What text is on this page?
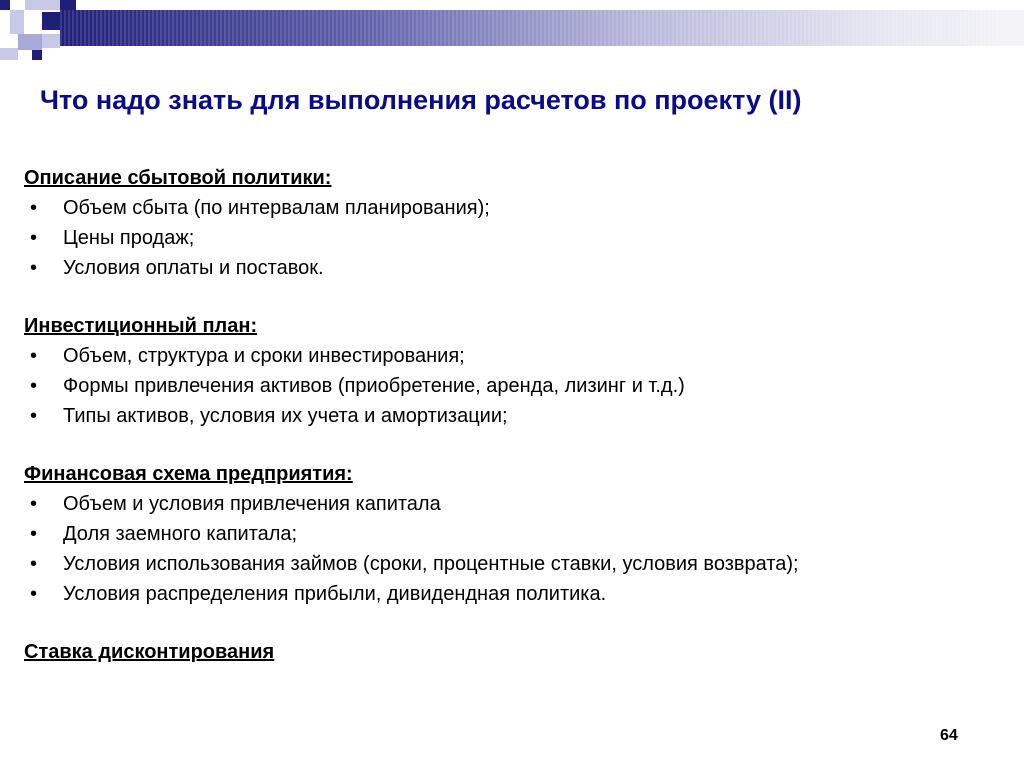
Что надо знать для выполнения расчетов по проекту (II)
Описание сбытовой политики:
• Объем сбыта (по интервалам планирования);
• Цены продаж;
• Условия оплаты и поставок.
Инвестиционный план:
• Объем, структура и сроки инвестирования;
• Формы привлечения активов (приобретение, аренда, лизинг и т.д.)
• Типы активов, условия их учета и амортизации;
Финансовая схема предприятия:
• Объем и условия привлечения капитала
• Доля заемного капитала;
• Условия использования займов (сроки, процентные ставки, условия возврата);
• Условия распределения прибыли, дивидендная политика.
Ставка дисконтирования
64
